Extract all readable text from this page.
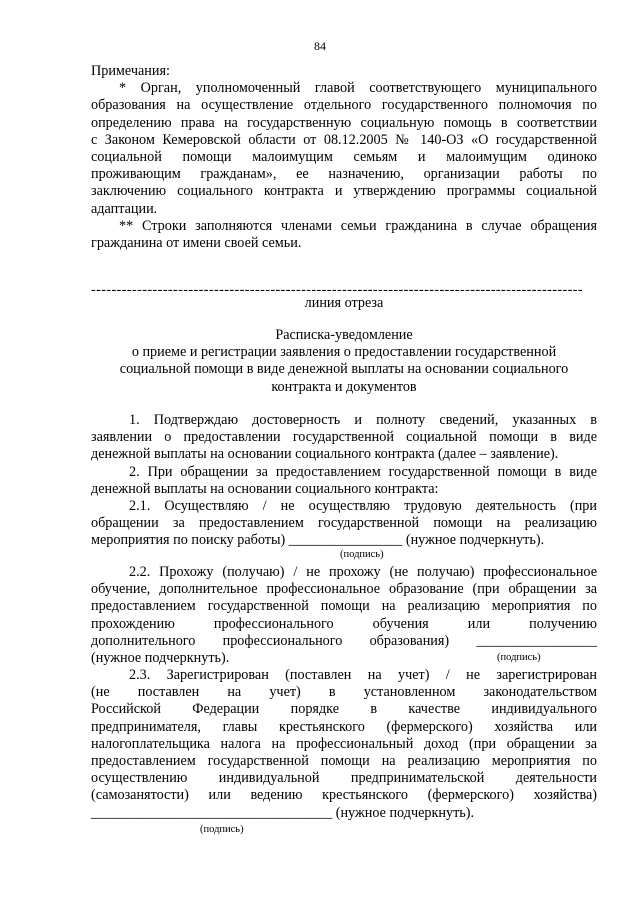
84
Примечания:
* Орган, уполномоченный главой соответствующего муниципального
образования на осуществление отдельного государственного полномочия по
определению права на государственную социальную помощь в соответствии
с Законом Кемеровской области от 08.12.2005 № 140-ОЗ «О государственной
социальной помощи малоимущим семьям и малоимущим одиноко
проживающим гражданам», ее назначению, организации работы по
заключению социального контракта и утверждению программы социальной
адаптации.
** Строки заполняются членами семьи гражданина в случае обращения
гражданина от имени своей семьи.
------------------------------------------------------------------------------------------------
линия отреза
Расписка-уведомление
о приеме и регистрации заявления о предоставлении государственной
социальной помощи в виде денежной выплаты на основании социального
контракта и документов
1. Подтверждаю достоверность и полноту сведений, указанных в
заявлении о предоставлении государственной социальной помощи в виде
денежной выплаты на основании социального контракта (далее – заявление).
2. При обращении за предоставлением государственной помощи в виде
денежной выплаты на основании социального контракта:
2.1. Осуществляю / не осуществляю трудовую деятельность (при
обращении за предоставлением государственной помощи на реализацию
мероприятия по поиску работы) ________________ (нужное подчеркнуть).
(подпись)
2.2. Прохожу (получаю) / не прохожу (не получаю) профессиональное
обучение, дополнительное профессиональное образование (при обращении за
предоставлением государственной помощи на реализацию мероприятия по
прохождению профессионального обучения или получению
дополнительного профессионального образования) _________________
(нужное подчеркнуть).	(подпись)
2.3. Зарегистрирован (поставлен на учет) / не зарегистрирован
(не поставлен на учет) в установленном законодательством
Российской Федерации порядке в качестве индивидуального
предпринимателя, главы крестьянского (фермерского) хозяйства или
налогоплательщика налога на профессиональный доход (при обращении за
предоставлением государственной помощи на реализацию мероприятия по
осуществлению индивидуальной предпринимательской деятельности
(самозанятости) или ведению крестьянского (фермерского) хозяйства)
__________________________________ (нужное подчеркнуть).
(подпись)
